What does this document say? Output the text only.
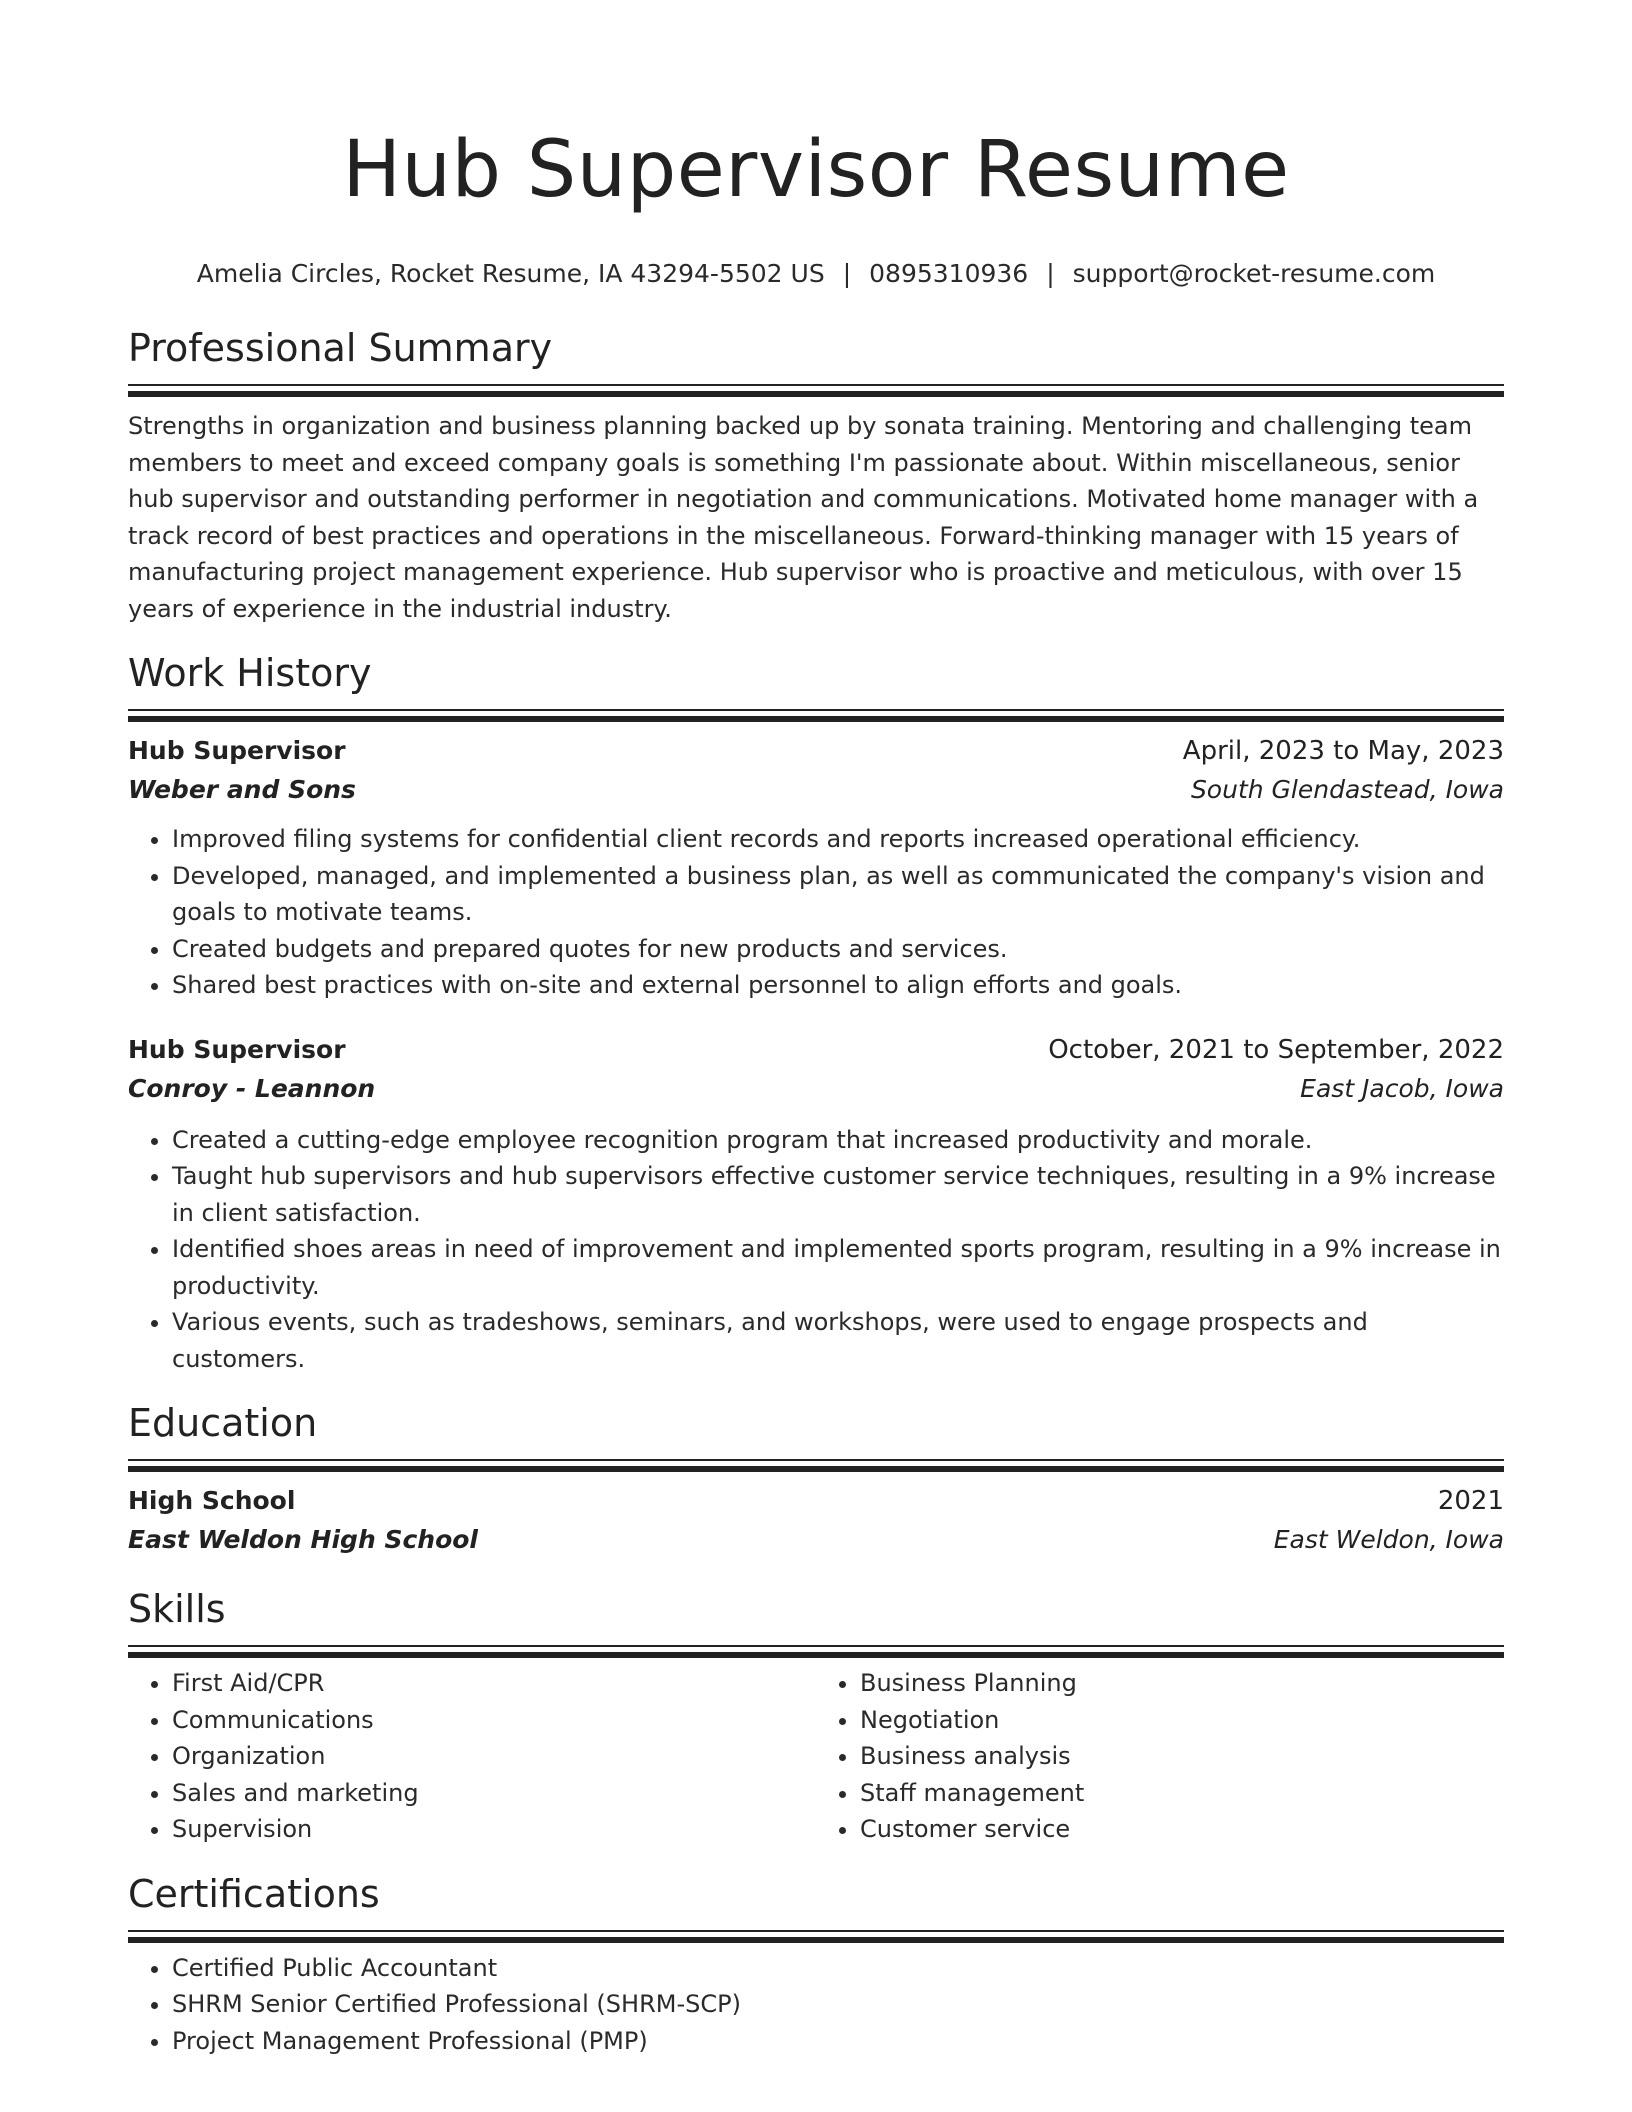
Hub Supervisor Resume
Amelia Circles, Rocket Resume, IA 43294-5502 US | 0895310936 | support@rocket-resume.com
Professional Summary

Strengths in organization and business planning backed up by sonata training. Mentoring and challenging team members to meet and exceed company goals is something I'm passionate about. Within miscellaneous, senior hub supervisor and outstanding performer in negotiation and communications. Motivated home manager with a track record of best practices and operations in the miscellaneous. Forward-thinking manager with 15 years of manufacturing project management experience. Hub supervisor who is proactive and meticulous, with over 15 years of experience in the industrial industry.

Work History
Hub Supervisor	April, 2023 to May, 2023
Weber and Sons	South Glendastead, Iowa
• Improved filing systems for confidential client records and reports increased operational efficiency.
• Developed, managed, and implemented a business plan, as well as communicated the company's vision and goals to motivate teams.
• Created budgets and prepared quotes for new products and services.
• Shared best practices with on-site and external personnel to align efforts and goals.
Hub Supervisor	October, 2021 to September, 2022
Conroy - Leannon	East Jacob, Iowa
• Created a cutting-edge employee recognition program that increased productivity and morale.
• Taught hub supervisors and hub supervisors effective customer service techniques, resulting in a 9% increase in client satisfaction.
• Identified shoes areas in need of improvement and implemented sports program, resulting in a 9% increase in productivity.
• Various events, such as tradeshows, seminars, and workshops, were used to engage prospects and customers.
Education
High School	2021
East Weldon High School	East Weldon, Iowa
Skills
• First Aid/CPR
• Communications
• Organization
• Sales and marketing
• Supervision
• Business Planning
• Negotiation
• Business analysis
• Staff management
• Customer service
Certifications
• Certified Public Accountant
• SHRM Senior Certified Professional (SHRM-SCP)
• Project Management Professional (PMP)
